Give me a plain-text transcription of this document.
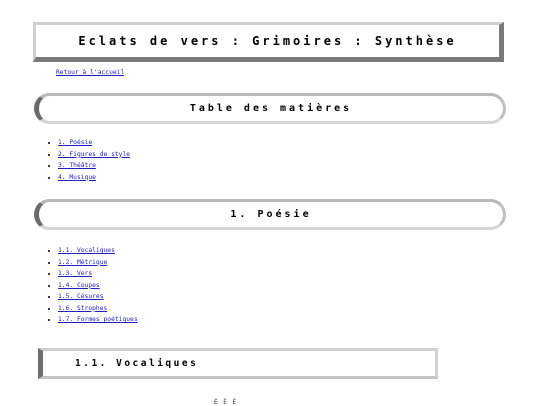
Eclats de vers : Grimoires : Synthèse
Retour à l'accueil
Table des matières
• 1. Poésie
• 2. Figures de style
• 3. Théâtre
• 4. Musique
1. Poésie
• 1.1. Vocaliques
• 1.2. Métrique
• 1.3. Vers
• 1.4. Coupes
• 1.5. Césures
• 1.6. Strophes
• 1.7. Formes poétiques
1.1. Vocaliques
É Ê É
